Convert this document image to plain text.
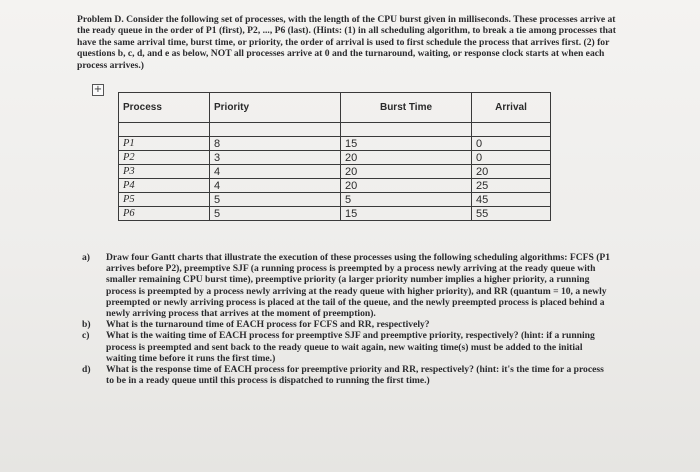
Problem D. Consider the following set of processes, with the length of the CPU burst given in milliseconds. These processes arrive at the ready queue in the order of P1 (first), P2, ..., P6 (last). (Hints: (1) in all scheduling algorithm, to break a tie among processes that have the same arrival time, burst time, or priority, the order of arrival is used to first schedule the process that arrives first. (2) for questions b, c, d, and e as below, NOT all processes arrive at 0 and the turnaround, waiting, or response clock starts at when each process arrives.)
+
Process	Priority	Burst Time	Arrival

P1	8	15	0
P2	3	20	0
P3	4	20	20
P4	4	20	25
P5	5	5	45
P6	5	15	55
a)	Draw four Gantt charts that illustrate the execution of these processes using the following scheduling algorithms: FCFS (P1 arrives before P2), preemptive SJF (a running process is preempted by a process newly arriving at the ready queue with smaller remaining CPU burst time), preemptive priority (a larger priority number implies a higher priority, a running process is preempted by a process newly arriving at the ready queue with higher priority), and RR (quantum = 10, a newly preempted or newly arriving process is placed at the tail of the queue, and the newly preempted process is placed behind a newly arriving process that arrives at the moment of preemption).
b)	What is the turnaround time of EACH process for FCFS and RR, respectively?
c)	What is the waiting time of EACH process for preemptive SJF and preemptive priority, respectively? (hint: if a running process is preempted and sent back to the ready queue to wait again, new waiting time(s) must be added to the initial waiting time before it runs the first time.)
d)	What is the response time of EACH process for preemptive priority and RR, respectively? (hint: it's the time for a process to be in a ready queue until this process is dispatched to running the first time.)
